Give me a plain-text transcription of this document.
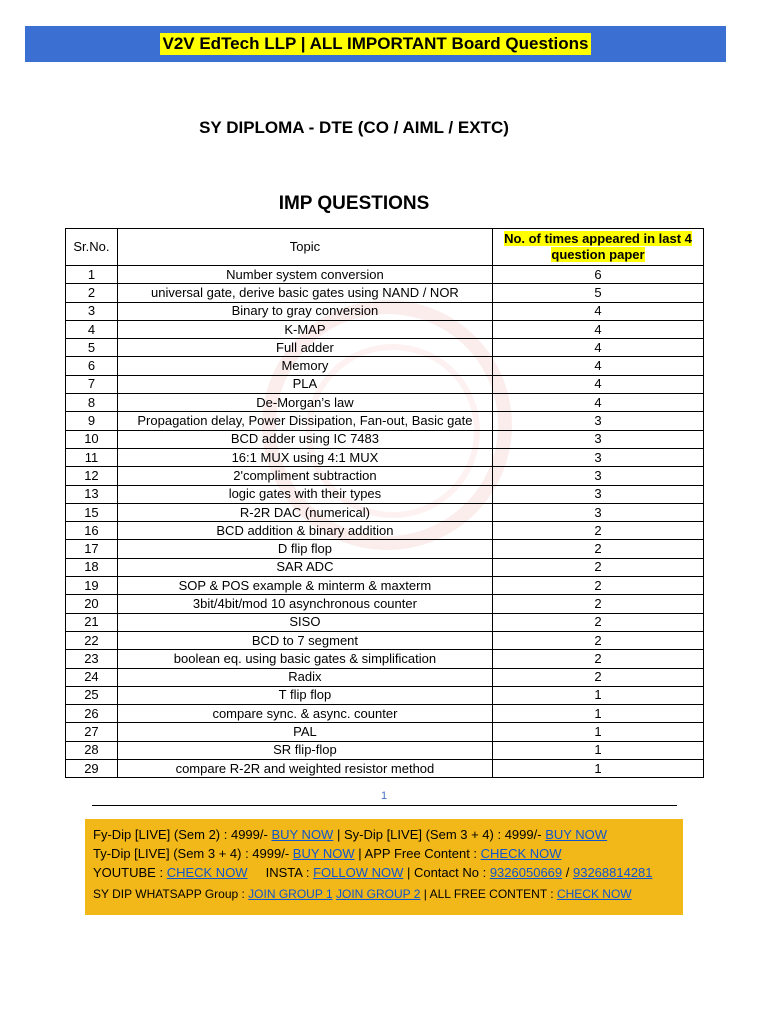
V2V EdTech LLP | ALL IMPORTANT Board Questions
SY DIPLOMA - DTE (CO / AIML / EXTC)
IMP QUESTIONS
Sr.No.	Topic	No. of times appeared in last 4 question paper
1	Number system conversion	6
2	universal gate, derive basic gates using NAND / NOR	5
3	Binary to gray conversion	4
4	K-MAP	4
5	Full adder	4
6	Memory	4
7	PLA	4
8	De-Morgan’s law	4
9	Propagation delay, Power Dissipation, Fan-out, Basic gate	3
10	BCD adder using IC 7483	3
11	16:1 MUX using 4:1 MUX	3
12	2'compliment subtraction	3
13	logic gates with their types	3
15	R-2R DAC (numerical)	3
16	BCD addition & binary addition	2
17	D flip flop	2
18	SAR ADC	2
19	SOP & POS example & minterm & maxterm	2
20	3bit/4bit/mod 10 asynchronous counter	2
21	SISO	2
22	BCD to 7 segment	2
23	boolean eq. using basic gates & simplification	2
24	Radix	2
25	T flip flop	1
26	compare sync. & async. counter	1
27	PAL	1
28	SR flip-flop	1
29	compare R-2R and weighted resistor method	1
1
Fy-Dip [LIVE] (Sem 2) : 4999/- BUY NOW | Sy-Dip [LIVE] (Sem 3 + 4) : 4999/- BUY NOW
Ty-Dip [LIVE] (Sem 3 + 4) : 4999/- BUY NOW | APP Free Content : CHECK NOW
YOUTUBE : CHECK NOW     INSTA : FOLLOW NOW | Contact No : 9326050669 / 93268814281
SY DIP WHATSAPP Group : JOIN GROUP 1 JOIN GROUP 2 | ALL FREE CONTENT : CHECK NOW
